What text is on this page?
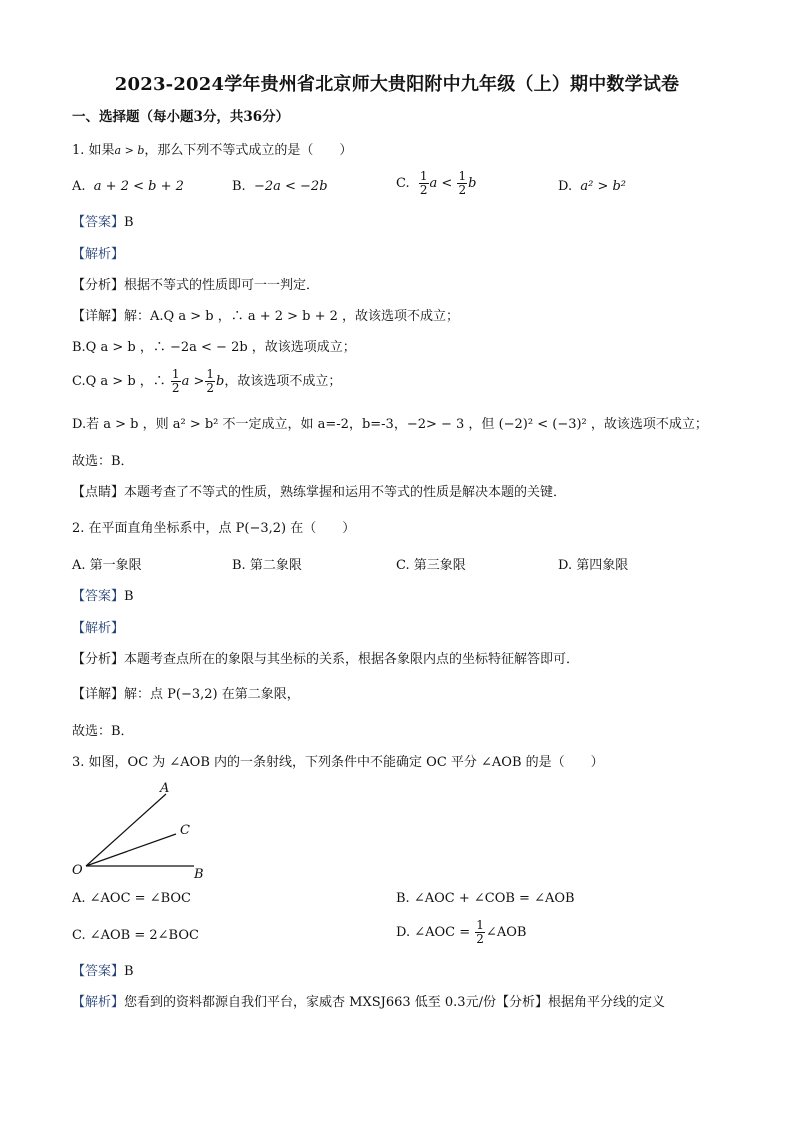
2023-2024学年贵州省北京师大贵阳附中九年级（上）期中数学试卷
一、选择题（每小题3分，共36分）
1. 如果a > b，那么下列不等式成立的是（　　）
A. a + 2 < b + 2	B. −2a < −2b	C. $\frac{1}{2}$ $a < \frac{1}{2}$ b	D. a² > b²
【答案】B
【解析】
【分析】根据不等式的性质即可一一判定．
【详解】解：A.Q a > b ，∴ a + 2 > b + 2 ，故该选项不成立；
B.Q a > b ，∴ −2a < − 2b ，故该选项成立；
C.Q a > b ，∴ $\frac{1}{2}$ $a > \frac{1}{2}$ b，故该选项不成立；
D.若 a > b ，则 a² > b² 不一定成立，如 a=-2，b=-3，−2> − 3 ，但 (−2)² < (−3)² ，故该选项不成立；
故选：B．
【点睛】本题考查了不等式的性质，熟练掌握和运用不等式的性质是解决本题的关键．
2. 在平面直角坐标系中，点 P(−3,2) 在（　　）
A. 第一象限	B. 第二象限	C. 第三象限	D. 第四象限
【答案】B
【解析】
【分析】本题考查点所在的象限与其坐标的关系，根据各象限内点的坐标特征解答即可．
【详解】解：点 P(−3,2) 在第二象限，
故选：B．
3. 如图，OC 为 ∠AOB 内的一条射线，下列条件中不能确定 OC 平分 ∠AOB 的是（　　）
A
C
O	B
A. ∠AOC = ∠BOC	B. ∠AOC + ∠COB = ∠AOB
C. ∠AOB = 2∠BOC	D. ∠AOC = $\frac{1}{2}$ ∠AOB
【答案】B
【解析】您看到的资料都源自我们平台，家威杏 MXSJ663 低至 0.3元/份【分析】根据角平分线的定义
